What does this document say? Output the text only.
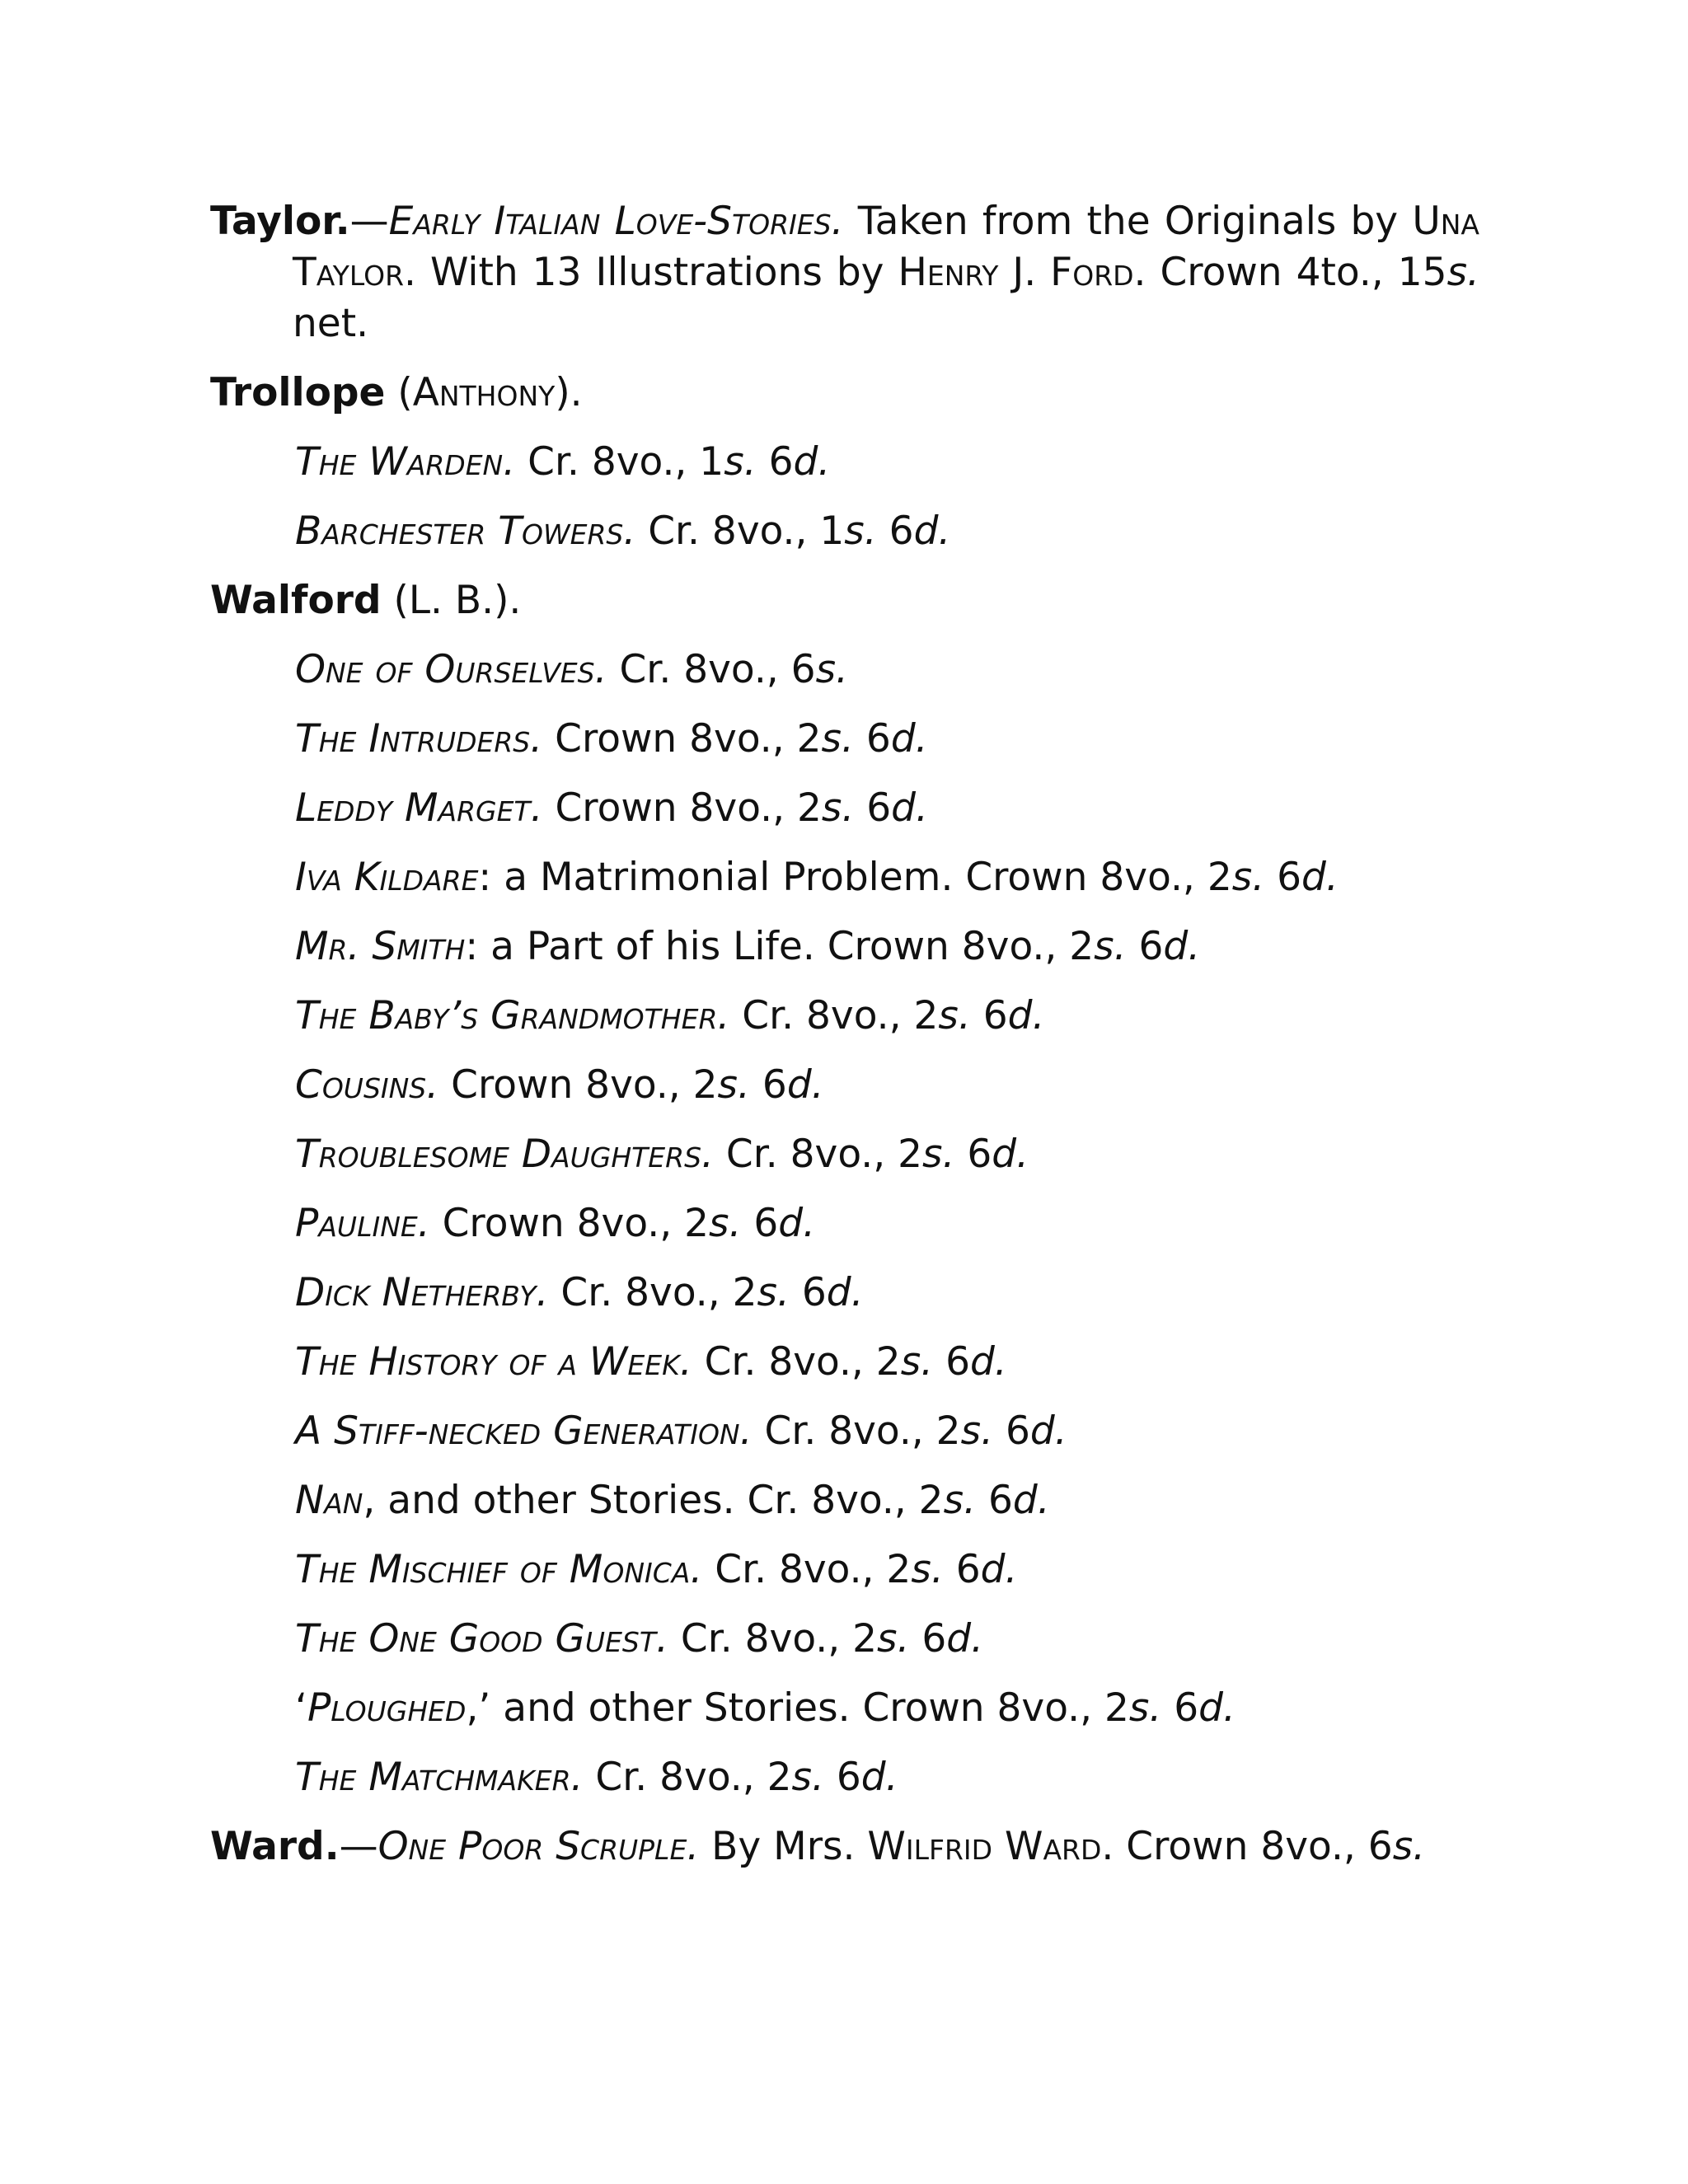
Taylor.—Early Italian Love-Stories. Taken from the Originals by Una Taylor. With 13 Illustrations by Henry J. Ford. Crown 4to., 15s. net.

Trollope (Anthony).

The Warden. Cr. 8vo., 1s. 6d.

Barchester Towers. Cr. 8vo., 1s. 6d.

Walford (L. B.).

One of Ourselves. Cr. 8vo., 6s.

The Intruders. Crown 8vo., 2s. 6d.

Leddy Marget. Crown 8vo., 2s. 6d.

Iva Kildare: a Matrimonial Problem. Crown 8vo., 2s. 6d.

Mr. Smith: a Part of his Life. Crown 8vo., 2s. 6d.

The Baby’s Grandmother. Cr. 8vo., 2s. 6d.

Cousins. Crown 8vo., 2s. 6d.

Troublesome Daughters. Cr. 8vo., 2s. 6d.

Pauline. Crown 8vo., 2s. 6d.

Dick Netherby. Cr. 8vo., 2s. 6d.

The History of a Week. Cr. 8vo., 2s. 6d.

A Stiff-necked Generation. Cr. 8vo., 2s. 6d.

Nan, and other Stories. Cr. 8vo., 2s. 6d.

The Mischief of Monica. Cr. 8vo., 2s. 6d.

The One Good Guest. Cr. 8vo., 2s. 6d.

‘Ploughed,’ and other Stories. Crown 8vo., 2s. 6d.

The Matchmaker. Cr. 8vo., 2s. 6d.

Ward.—One Poor Scruple. By Mrs. Wilfrid Ward. Crown 8vo., 6s.
